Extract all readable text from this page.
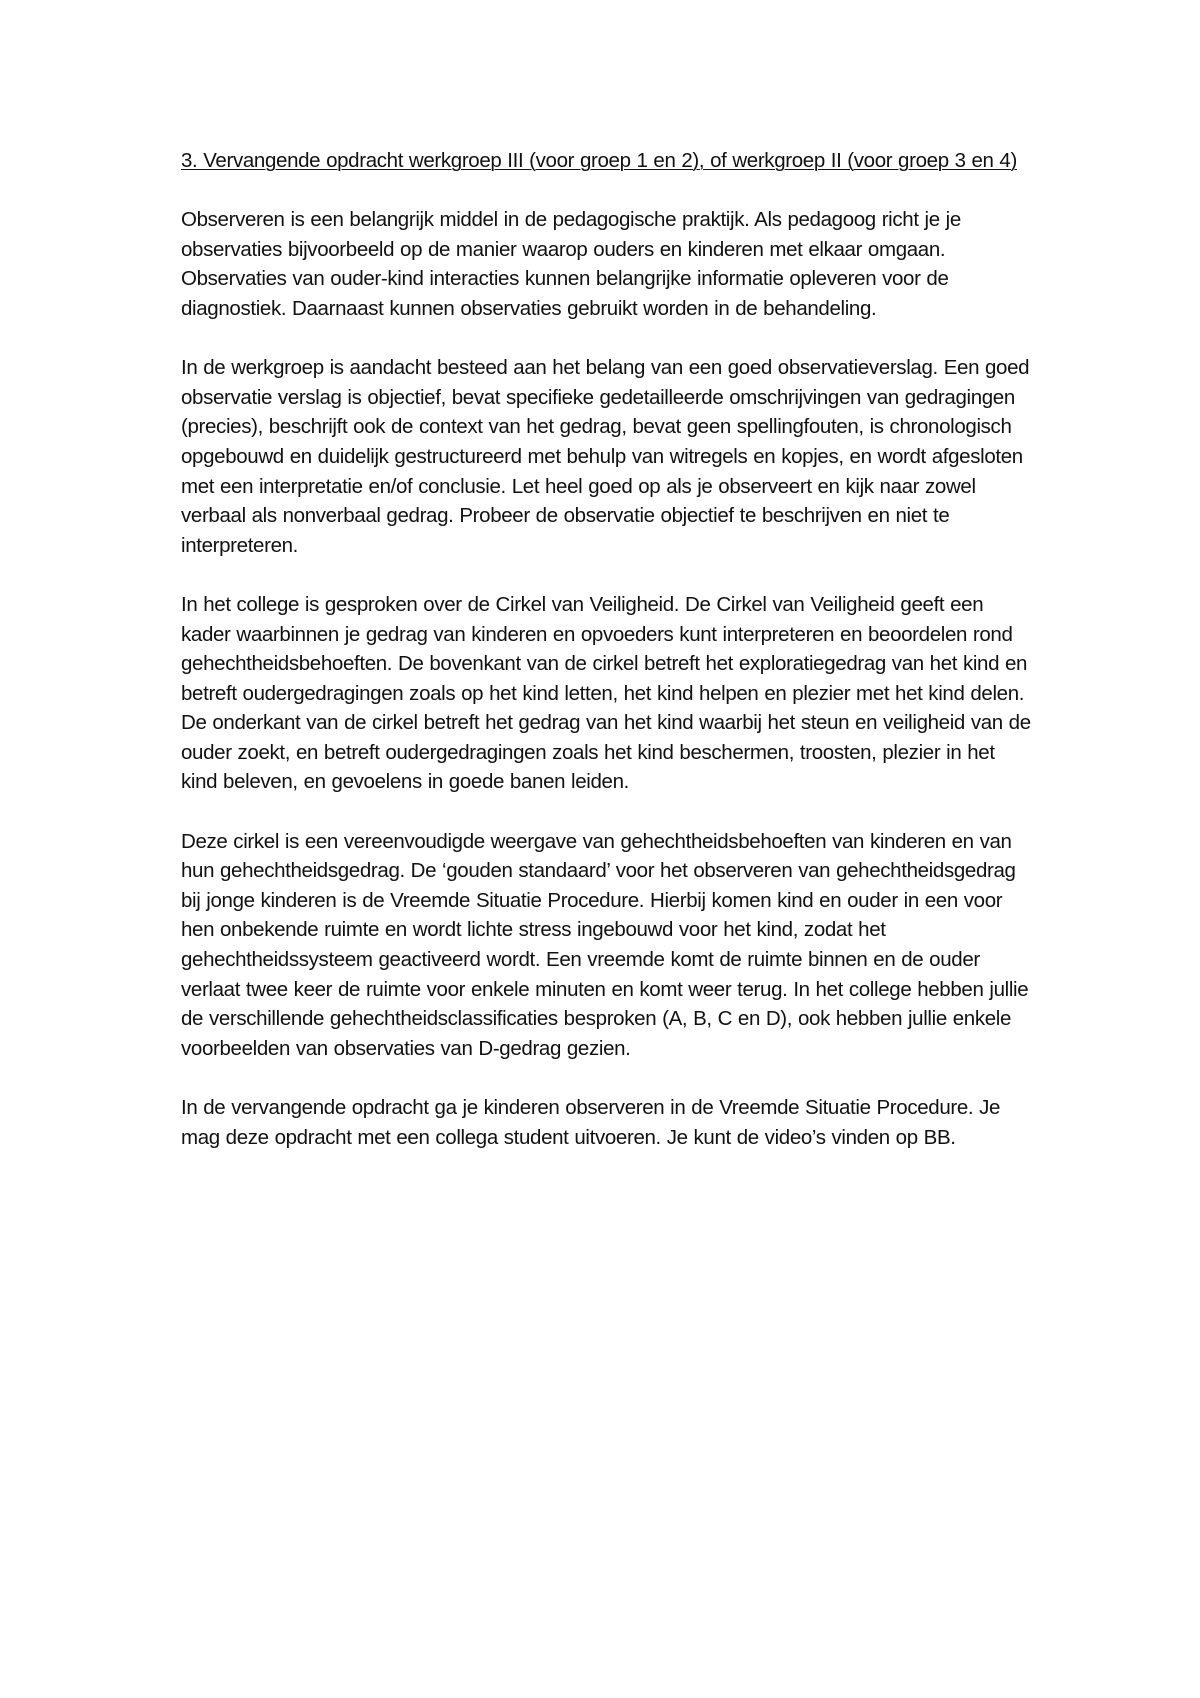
3. Vervangende opdracht werkgroep III (voor groep 1 en 2), of werkgroep II (voor groep 3 en 4)

Observeren is een belangrijk middel in de pedagogische praktijk. Als pedagoog richt je je observaties bijvoorbeeld op de manier waarop ouders en kinderen met elkaar omgaan. Observaties van ouder-kind interacties kunnen belangrijke informatie opleveren voor de diagnostiek. Daarnaast kunnen observaties gebruikt worden in de behandeling.

In de werkgroep is aandacht besteed aan het belang van een goed observatieverslag. Een goed observatie verslag is objectief, bevat specifieke gedetailleerde omschrijvingen van gedragingen (precies), beschrijft ook de context van het gedrag, bevat geen spellingfouten, is chronologisch opgebouwd en duidelijk gestructureerd met behulp van witregels en kopjes, en wordt afgesloten met een interpretatie en/of conclusie. Let heel goed op als je observeert en kijk naar zowel verbaal als nonverbaal gedrag. Probeer de observatie objectief te beschrijven en niet te interpreteren.

In het college is gesproken over de Cirkel van Veiligheid. De Cirkel van Veiligheid geeft een kader waarbinnen je gedrag van kinderen en opvoeders kunt interpreteren en beoordelen rond gehechtheidsbehoeften. De bovenkant van de cirkel betreft het exploratiegedrag van het kind en betreft oudergedragingen zoals op het kind letten, het kind helpen en plezier met het kind delen. De onderkant van de cirkel betreft het gedrag van het kind waarbij het steun en veiligheid van de ouder zoekt, en betreft oudergedragingen zoals het kind beschermen, troosten, plezier in het kind beleven, en gevoelens in goede banen leiden.

Deze cirkel is een vereenvoudigde weergave van gehechtheidsbehoeften van kinderen en van hun gehechtheidsgedrag. De ‘gouden standaard’ voor het observeren van gehechtheidsgedrag bij jonge kinderen is de Vreemde Situatie Procedure. Hierbij komen kind en ouder in een voor hen onbekende ruimte en wordt lichte stress ingebouwd voor het kind, zodat het gehechtheidssysteem geactiveerd wordt. Een vreemde komt de ruimte binnen en de ouder verlaat twee keer de ruimte voor enkele minuten en komt weer terug. In het college hebben jullie de verschillende gehechtheidsclassificaties besproken (A, B, C en D), ook hebben jullie enkele voorbeelden van observaties van D-gedrag gezien.

In de vervangende opdracht ga je kinderen observeren in de Vreemde Situatie Procedure. Je mag deze opdracht met een collega student uitvoeren. Je kunt de video’s vinden op BB.
